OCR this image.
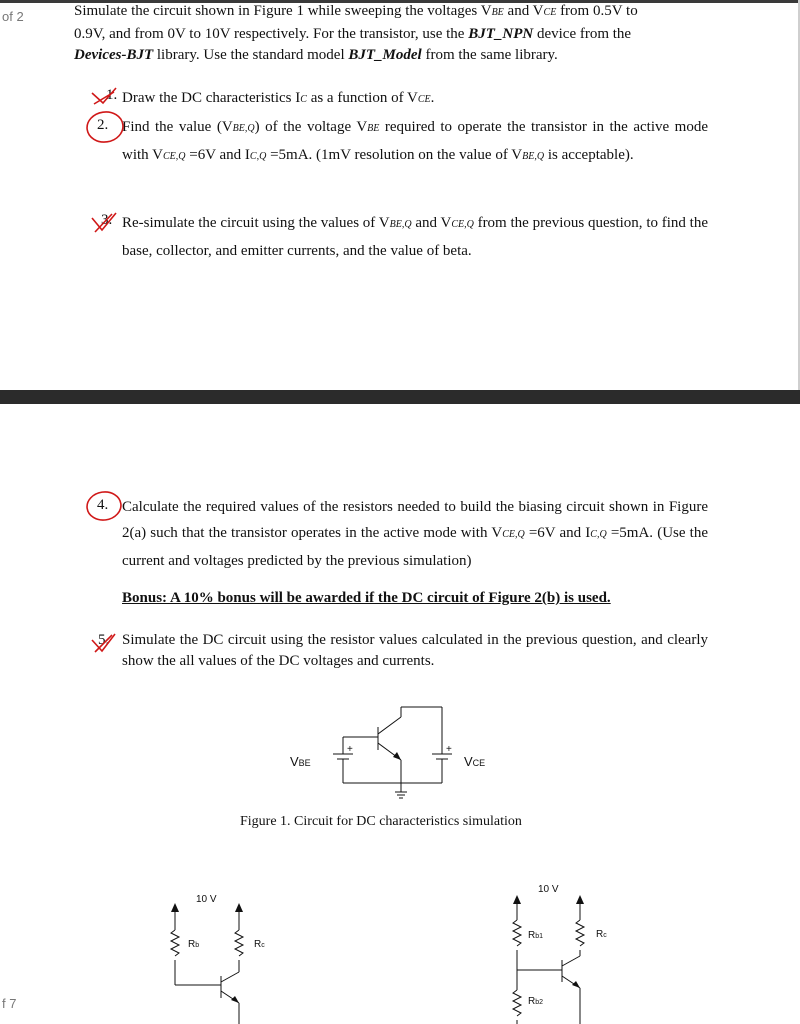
of 2
f 7
Simulate the circuit shown in Figure 1 while sweeping the voltages VBE and VCE from 0.5V to
0.9V, and from 0V to 10V respectively. For the transistor, use the BJT_NPN device from the
Devices-BJT library. Use the standard model BJT_Model from the same library.
1. Draw the DC characteristics IC as a function of VCE.
2. Find the value (VBE,Q) of the voltage VBE required to operate the transistor in the active mode with VCE,Q =6V and IC,Q =5mA. (1mV resolution on the value of VBE,Q is acceptable).
3. Re-simulate the circuit using the values of VBE,Q and VCE,Q from the previous question, to find the base, collector, and emitter currents, and the value of beta.
4. Calculate the required values of the resistors needed to build the biasing circuit shown in Figure 2(a) such that the transistor operates in the active mode with VCE,Q =6V and IC,Q =5mA. (Use the current and voltages predicted by the previous simulation)
Bonus: A 10% bonus will be awarded if the DC circuit of Figure 2(b) is used.
5. Simulate the DC circuit using the resistor values calculated in the previous question, and clearly show the all values of the DC voltages and currents.
Figure 1. Circuit for DC characteristics simulation
+	+
VBE	VCE
10 V
Rb	Rc
10 V
Rb1
Rb2
Rc
